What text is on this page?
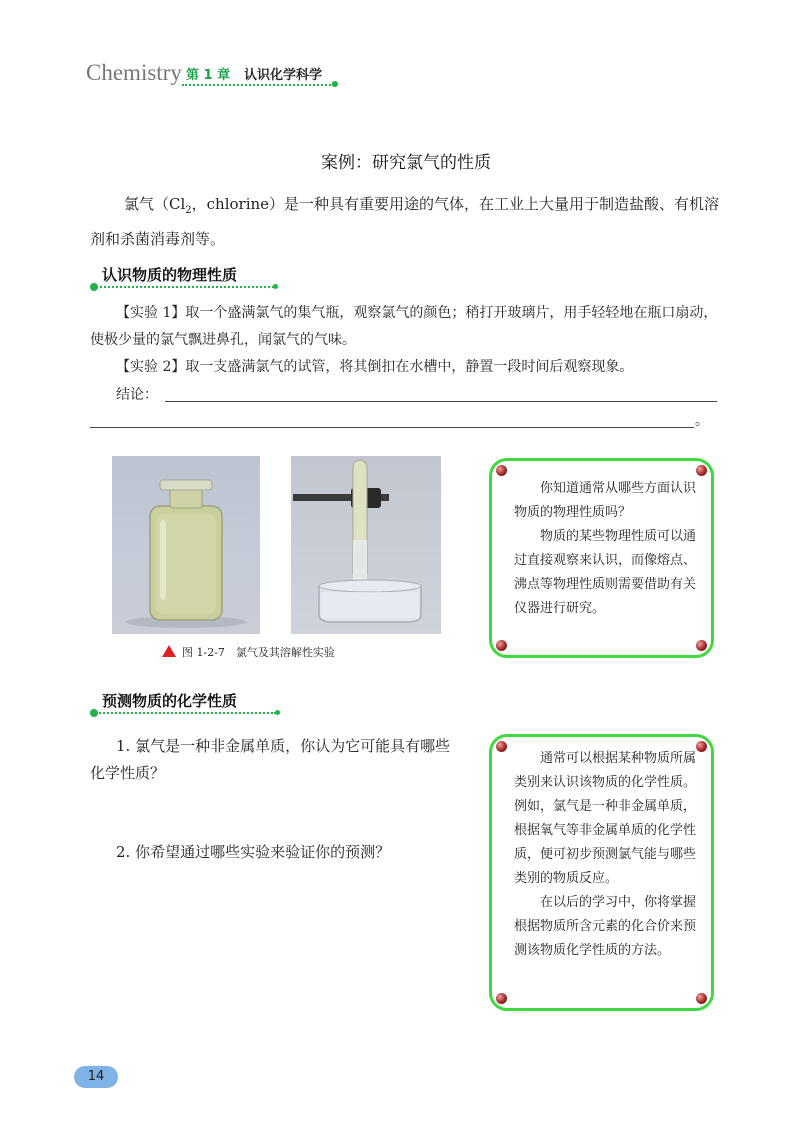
Chemistry 第 1 章 认识化学科学
案例：研究氯气的性质
氯气（$Cl_2$，chlorine）是一种具有重要用途的气体，在工业上大量用于制造盐酸、有机溶剂和杀菌消毒剂等。
认识物质的物理性质
【实验 1】取一个盛满氯气的集气瓶，观察氯气的颜色；稍打开玻璃片，用手轻轻地在瓶口扇动，使极少量的氯气飘进鼻孔，闻氯气的气味。
【实验 2】取一支盛满氯气的试管，将其倒扣在水槽中，静置一段时间后观察现象。
结论：
。
图 1-2-7　氯气及其溶解性实验

你知道通常从哪些方面认识物质的物理性质吗？

物质的某些物理性质可以通过直接观察来认识，而像熔点、沸点等物理性质则需要借助有关仪器进行研究。

预测物质的化学性质
1. 氯气是一种非金属单质，你认为它可能具有哪些化学性质？
2. 你希望通过哪些实验来验证你的预测？

通常可以根据某种物质所属类别来认识该物质的化学性质。例如，氯气是一种非金属单质，根据氧气等非金属单质的化学性质，便可初步预测氯气能与哪些类别的物质反应。

在以后的学习中，你将掌握根据物质所含元素的化合价来预测该物质化学性质的方法。

14
